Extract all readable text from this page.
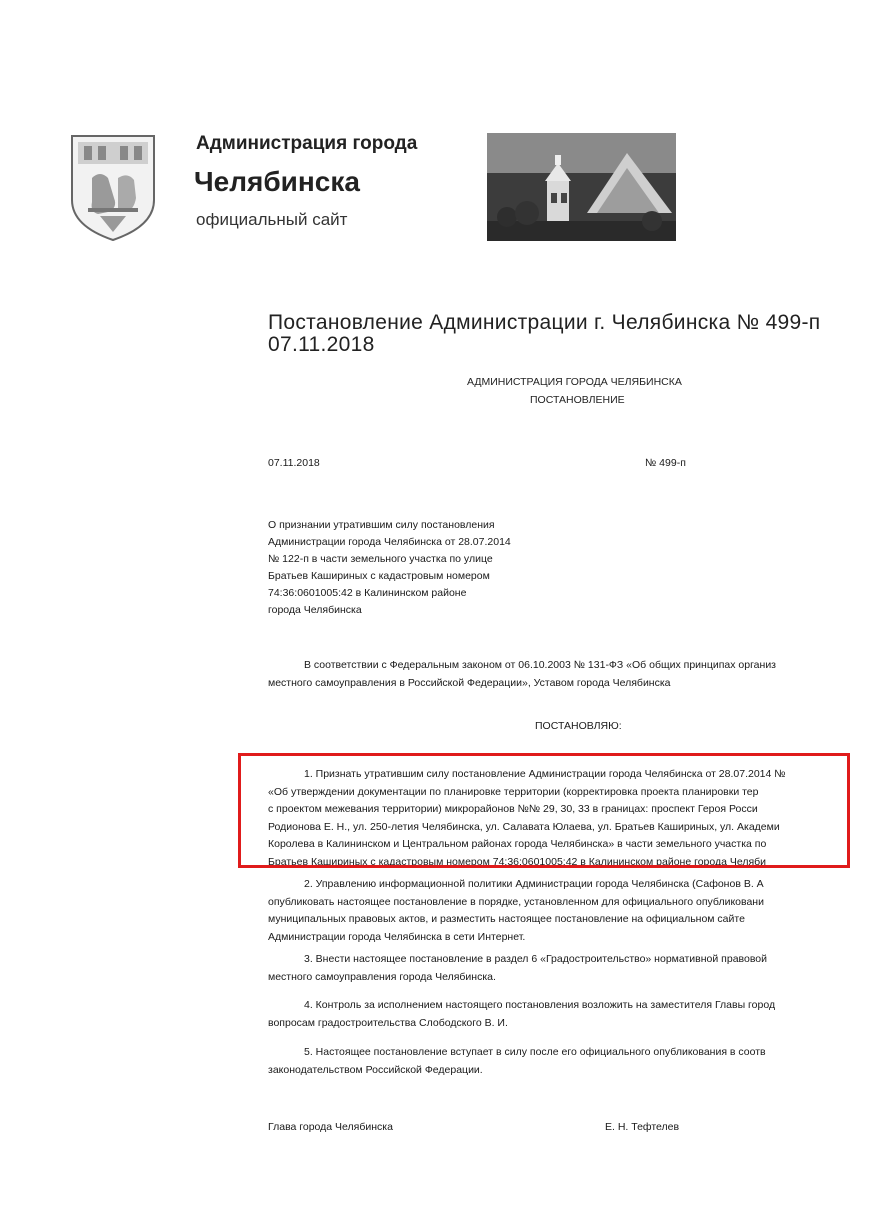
Администрация города
Челябинска
официальный сайт
Постановление Администрации г. Челябинска № 499-п
07.11.2018
АДМИНИСТРАЦИЯ ГОРОДА ЧЕЛЯБИНСКА
ПОСТАНОВЛЕНИЕ
07.11.2018	№ 499-п
О признании утратившим силу постановления
Администрации города Челябинска от 28.07.2014
№ 122-п в части земельного участка по улице
Братьев Кашириных с кадастровым номером
74:36:0601005:42 в Калининском районе
города Челябинска
В соответствии с Федеральным законом от 06.10.2003 № 131-ФЗ «Об общих принципах организ
местного самоуправления в Российской Федерации», Уставом города Челябинска
ПОСТАНОВЛЯЮ:
1. Признать утратившим силу постановление Администрации города Челябинска от 28.07.2014 №
«Об утверждении документации по планировке территории (корректировка проекта планировки тер
с проектом межевания территории) микрорайонов №№ 29, 30, 33 в границах: проспект Героя Росси
Родионова Е. Н., ул. 250-летия Челябинска, ул. Салавата Юлаева, ул. Братьев Кашириных, ул. Академи
Королева в Калининском и Центральном районах города Челябинска» в части земельного участка по
Братьев Кашириных с кадастровым номером 74:36:0601005:42 в Калининском районе города Челяби
2. Управлению информационной политики Администрации города Челябинска (Сафонов В. А
опубликовать настоящее постановление в порядке, установленном для официального опубликовани
муниципальных правовых актов, и разместить настоящее постановление на официальном сайте
Администрации города Челябинска в сети Интернет.
3. Внести настоящее постановление в раздел 6 «Градостроительство» нормативной правовой
местного самоуправления города Челябинска.
4. Контроль за исполнением настоящего постановления возложить на заместителя Главы город
вопросам градостроительства Слободского В. И.
5. Настоящее постановление вступает в силу после его официального опубликования в соотв
законодательством Российской Федерации.
Глава города Челябинска	Е. Н. Тефтелев
